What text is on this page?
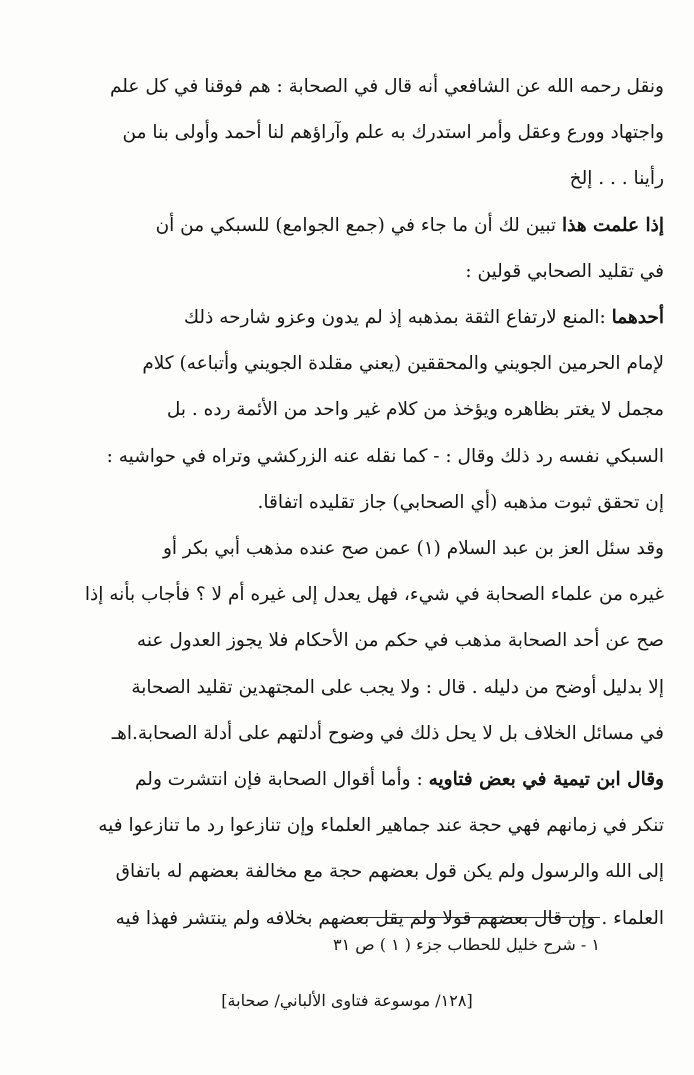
ونقل رحمه الله عن الشافعي أنه قال في الصحابة : هم فوقنا في كل علم

واجتهاد وورع وعقل وأمر استدرك به علم وآراؤهم لنا أحمد وأولى بنا من

رأينا . . . إلخ

إذا علمت هذا تبين لك أن ما جاء في (جمع الجوامع) للسبكي من أن

في تقليد الصحابي قولين :

أحدهما :المنع لارتفاع الثقة بمذهبه إذ لم يدون وعزو شارحه ذلك

لإمام الحرمين الجويني والمحققين (يعني مقلدة الجويني وأتباعه) كلام

مجمل لا يغتر بظاهره ويؤخذ من كلام غير واحد من الأئمة رده . بل

السبكي نفسه رد ذلك وقال : - كما نقله عنه الزركشي وتراه في حواشيه :

إن تحقق ثبوت مذهبه (أي الصحابي) جاز تقليده اتفاقا.

وقد سئل العز بن عبد السلام (١) عمن صح عنده مذهب أبي بكر أو

غيره من علماء الصحابة في شيء، فهل يعدل إلى غيره أم لا ؟ فأجاب بأنه إذا

صح عن أحد الصحابة مذهب في حكم من الأحكام فلا يجوز العدول عنه

إلا بدليل أوضح من دليله . قال : ولا يجب على المجتهدين تقليد الصحابة

في مسائل الخلاف بل لا يحل ذلك في وضوح أدلتهم على أدلة الصحابة.اهـ

وقال ابن تيمية في بعض فتاويه : وأما أقوال الصحابة فإن انتشرت ولم

تنكر في زمانهم فهي حجة عند جماهير العلماء وإن تنازعوا رد ما تنازعوا فيه

إلى الله والرسول ولم يكن قول بعضهم حجة مع مخالفة بعضهم له باتفاق

العلماء . وإن قال بعضهم قولا ولم يقل بعضهم بخلافه ولم ينتشر فهذا فيه

١ - شرح خليل للحطاب جزء ( ١ ) ص ٣١
[١٢٨/ موسوعة فتاوى الألباني/ صحابة]
